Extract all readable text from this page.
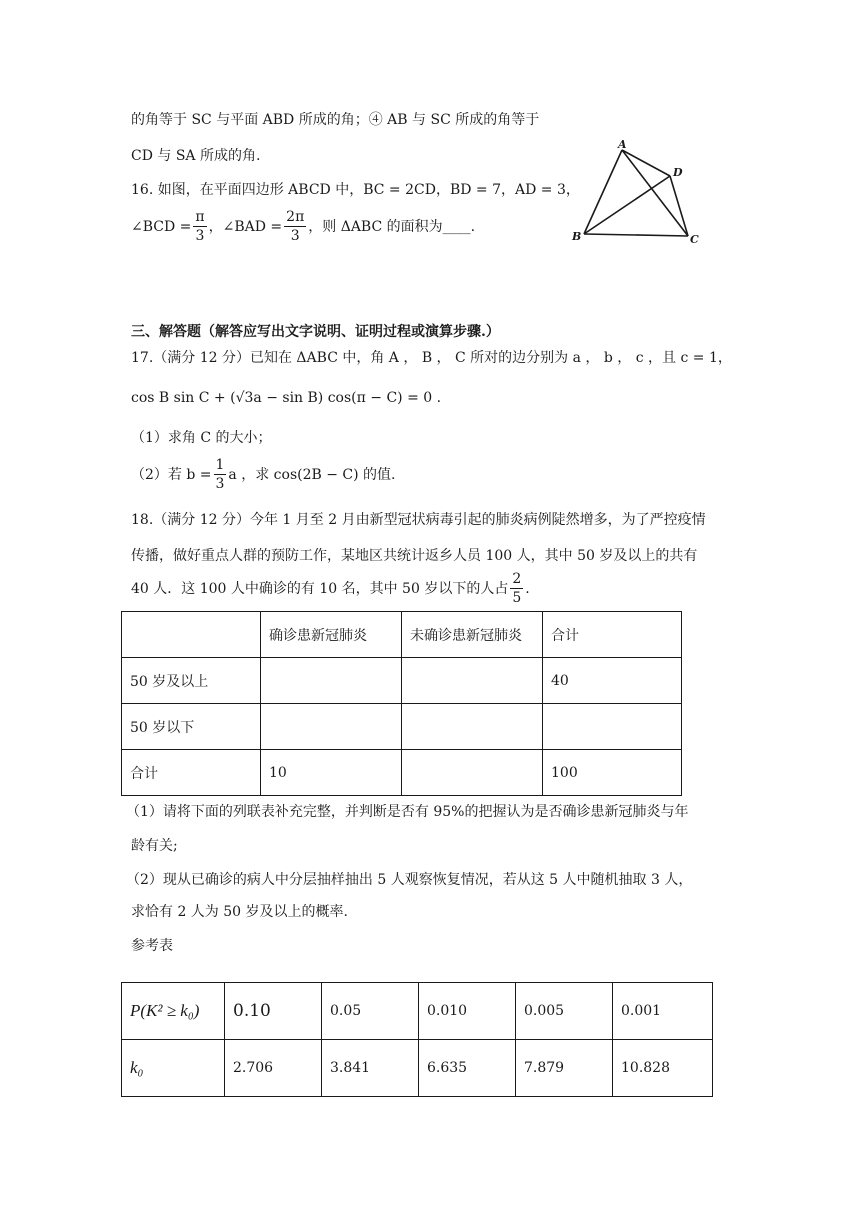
的角等于 SC 与平面 ABD 所成的角；④ AB 与 SC 所成的角等于
CD 与 SA 所成的角.
16. 如图，在平面四边形 ABCD 中，BC = 2CD，BD = 7，AD = 3，
∠BCD = $\frac{\pi}{3}$ ，∠BAD = $\frac{2\pi}{3}$ ，则 ΔABC 的面积为____.
A
D
B	C
三、解答题（解答应写出文字说明、证明过程或演算步骤.）
17.（满分 12 分）已知在 ΔABC 中，角 A ， B ， C 所对的边分别为 a ， b ， c ，且 c = 1，
cos B sin C + (√3a − sin B) cos(π − C) = 0 .
（1）求角 C 的大小；
（2）若 $b = \frac{1}{3}$ a ，求 cos(2B − C) 的值.
18.（满分 12 分）今年 1 月至 2 月由新型冠状病毒引起的肺炎病例陡然增多，为了严控疫情
传播，做好重点人群的预防工作，某地区共统计返乡人员 100 人，其中 50 岁及以上的共有
40 人．这 100 人中确诊的有 10 名，其中 50 岁以下的人占 $\frac{2}{5}$ .
	确诊患新冠肺炎	未确诊患新冠肺炎	合计
50 岁及以上			40
50 岁以下			
合计	10		100
（1）请将下面的列联表补充完整，并判断是否有 95%的把握认为是否确诊患新冠肺炎与年
龄有关;
（2）现从已确诊的病人中分层抽样抽出 5 人观察恢复情况，若从这 5 人中随机抽取 3 人，
求恰有 2 人为 50 岁及以上的概率.
参考表
P(K² ≥ k₀)	0.10	0.05	0.010	0.005	0.001
k₀	2.706	3.841	6.635	7.879	10.828
